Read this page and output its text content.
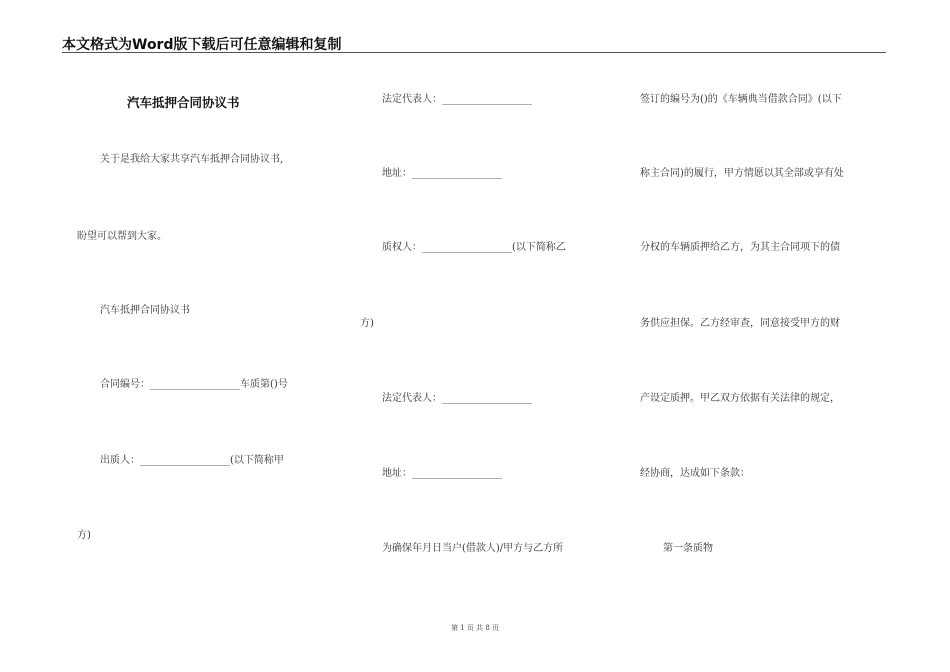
本文格式为Word版下载后可任意编辑和复制
汽车抵押合同协议书
关于是我给大家共享汽车抵押合同协议书,
盼望可以帮到大家。
汽车抵押合同协议书
合同编号：__________________车质第()号
出质人：__________________(以下简称甲
方)
法定代表人：__________________
地址：__________________
质权人：__________________(以下简称乙
方)
法定代表人：__________________
地址：__________________
为确保年月日当户(借款人)/甲方与乙方所
签订的编号为()的《车辆典当借款合同》(以下
称主合同)的履行，甲方情愿以其全部或享有处
分权的车辆质押给乙方，为其主合同项下的债
务供应担保。乙方经审查，同意接受甲方的财
产设定质押。甲乙双方依据有关法律的规定，
经协商，达成如下条款：
第一条质物
第 1 页 共 8 页
